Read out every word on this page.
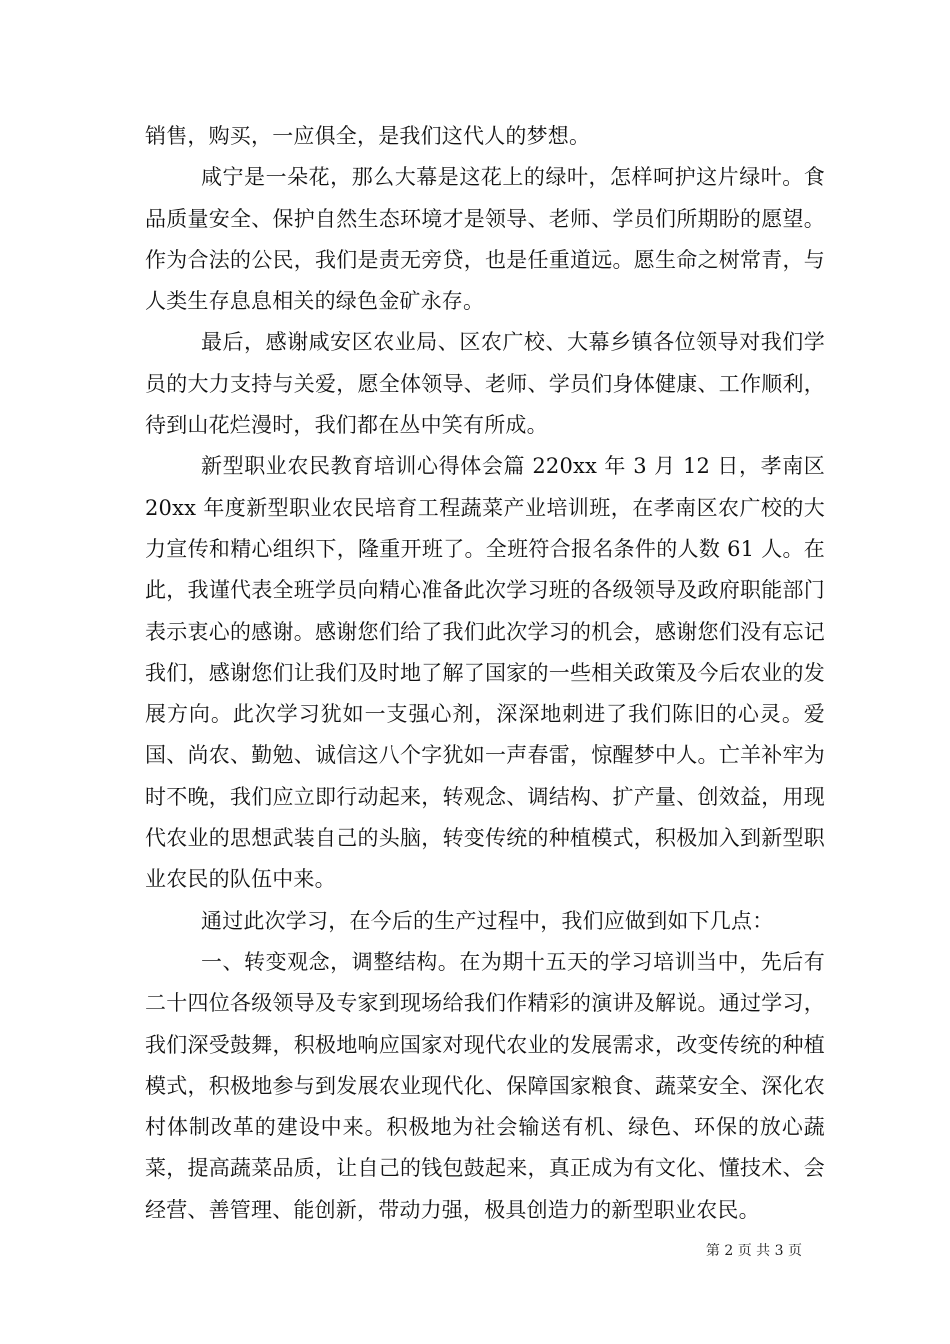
销售，购买，一应俱全，是我们这代人的梦想。

咸宁是一朵花，那么大幕是这花上的绿叶，怎样呵护这片绿叶。食品质量安全、保护自然生态环境才是领导、老师、学员们所期盼的愿望。作为合法的公民，我们是责无旁贷，也是任重道远。愿生命之树常青，与人类生存息息相关的绿色金矿永存。

最后，感谢咸安区农业局、区农广校、大幕乡镇各位领导对我们学员的大力支持与关爱，愿全体领导、老师、学员们身体健康、工作顺利，待到山花烂漫时，我们都在丛中笑有所成。

新型职业农民教育培训心得体会篇 220xx 年 3 月 12 日，孝南区 20xx 年度新型职业农民培育工程蔬菜产业培训班，在孝南区农广校的大力宣传和精心组织下，隆重开班了。全班符合报名条件的人数 61 人。在此，我谨代表全班学员向精心准备此次学习班的各级领导及政府职能部门表示衷心的感谢。感谢您们给了我们此次学习的机会，感谢您们没有忘记我们，感谢您们让我们及时地了解了国家的一些相关政策及今后农业的发展方向。此次学习犹如一支强心剂，深深地刺进了我们陈旧的心灵。爱国、尚农、勤勉、诚信这八个字犹如一声春雷，惊醒梦中人。亡羊补牢为时不晚，我们应立即行动起来，转观念、调结构、扩产量、创效益，用现代农业的思想武装自己的头脑，转变传统的种植模式，积极加入到新型职业农民的队伍中来。

通过此次学习，在今后的生产过程中，我们应做到如下几点：

一、转变观念，调整结构。在为期十五天的学习培训当中，先后有二十四位各级领导及专家到现场给我们作精彩的演讲及解说。通过学习，我们深受鼓舞，积极地响应国家对现代农业的发展需求，改变传统的种植模式，积极地参与到发展农业现代化、保障国家粮食、蔬菜安全、深化农村体制改革的建设中来。积极地为社会输送有机、绿色、环保的放心蔬菜，提高蔬菜品质，让自己的钱包鼓起来，真正成为有文化、懂技术、会经营、善管理、能创新，带动力强，极具创造力的新型职业农民。

第 2 页 共 3 页
